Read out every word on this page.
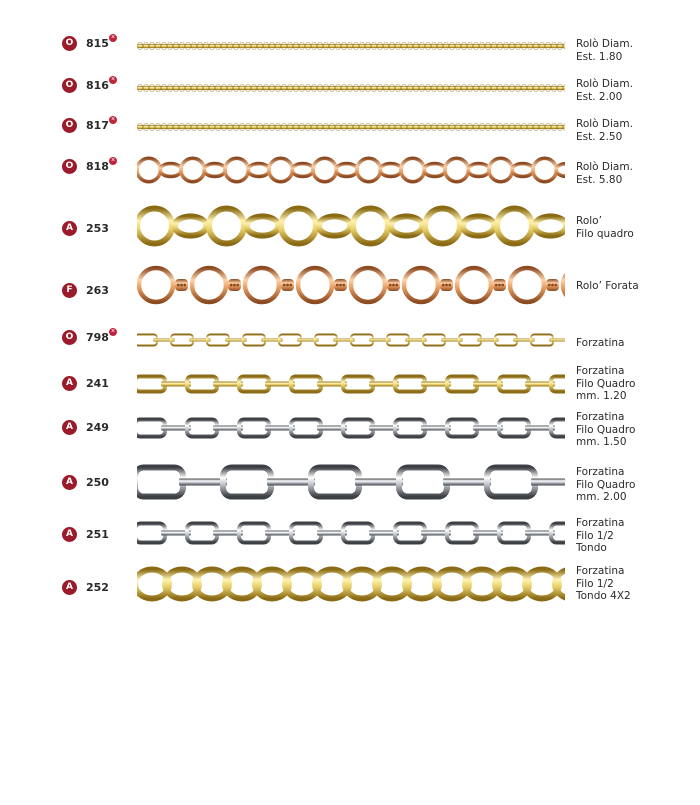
O	815 ×
Rolò Diam.
Est. 1.80
O	816 ×	Rolò Diam.
Est. 2.00
O	817 ×	Rolò Diam.
Est. 2.50
O	818 ×
Rolò Diam.
Est. 5.80
A	253
Rolo’
Filo quadro
F	263	Rolo’ Forata
O	798 ×
Forzatina
A	241
Forzatina
Filo Quadro
mm. 1.20
A	249
Forzatina
Filo Quadro
mm. 1.50
A	250
Forzatina
Filo Quadro
mm. 2.00
A	251
Forzatina
Filo 1/2
Tondo
A	252
Forzatina
Filo 1/2
Tondo 4X2
